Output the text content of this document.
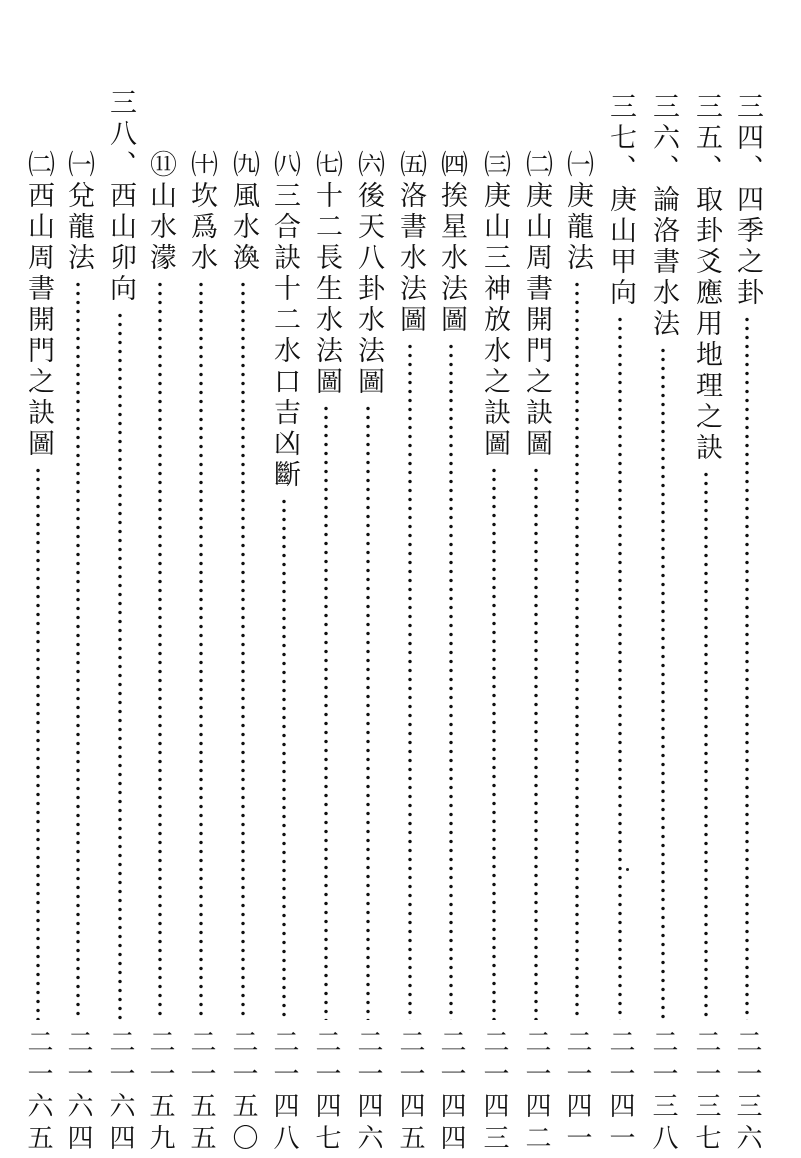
三四、四季之卦
二一三六
三五、取卦爻應用地理之訣
二一三七
三六、論洛書水法
二一三八
三七、庚山甲向
二一四一
㈠庚龍法
二一四一
㈡庚山周書開門之訣圖
二一四二
㈢庚山三神放水之訣圖
二一四三
㈣挨星水法圖
二一四四
㈤洛書水法圖
二一四五
㈥後天八卦水法圖
二一四六
㈦十二長生水法圖
二一四七
㈧三合訣十二水口吉凶斷
二一四八
㈨風水渙
二一五〇
㈩坎爲水
二一五五
⑪山水濛
二一五九
三八、西山卯向
二一六四
㈠兌龍法
二一六四
㈡西山周書開門之訣圖
二一六五
